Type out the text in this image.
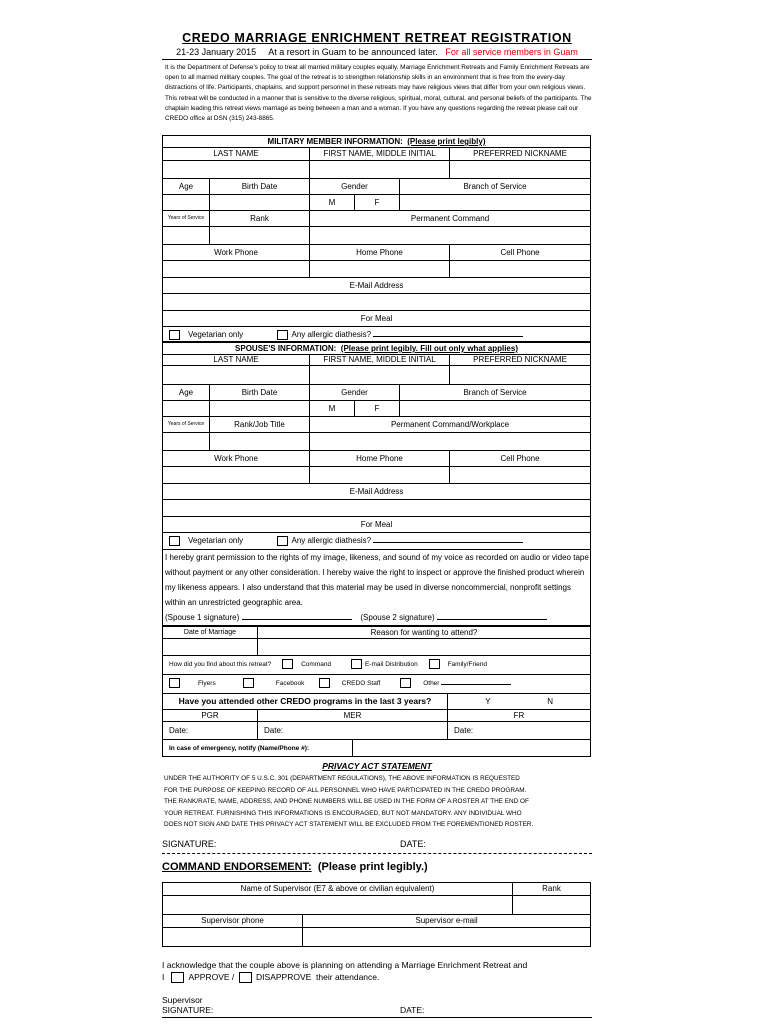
CREDO MARRIAGE ENRICHMENT RETREAT REGISTRATION
21-23 January 2015 At a resort in Guam to be announced later. For all service members in Guam
It is the Department of Defense's policy to treat all married military couples equally. Marriage Enrichment Retreats and Family Enrichment Retreats are open to all married military couples. The goal of the retreat is to strengthen relationship skills in an environment that is free from the every-day distractions of life. Participants, chaplains, and support personnel in these retreats may have religious views that differ from your own religious views. This retreat will be conducted in a manner that is sensitive to the diverse religious, spiritual, moral, cultural, and personal beliefs of the participants. The chaplain leading this retreat views marriage as being between a man and a woman. If you have any questions regarding the retreat please call our CREDO office at DSN (315) 243-8865.
MILITARY MEMBER INFORMATION: (Please print legibly)					
LAST NAME		FIRST NAME, MIDDLE INITIAL			PREFERRED NICKNAME

Age	Birth Date	Gender		Branch of Service	
		M	F		
Years of Service	Rank	Permanent Command			

Work Phone		Home Phone			Cell Phone

E-Mail Address					

For Meal					
Vegetarian only Any allergic diathesis?					
SPOUSE'S INFORMATION: (Please print legibly. Fill out only what applies)					
LAST NAME		FIRST NAME, MIDDLE INITIAL			PREFERRED NICKNAME

Age	Birth Date	Gender		Branch of Service	
		M	F		
Years of Service	Rank/Job Title	Permanent Command/Workplace			

Work Phone		Home Phone			Cell Phone

E-Mail Address					

For Meal					
Vegetarian only Any allergic diathesis?					
I hereby grant permission to the rights of my image, likeness, and sound of my voice as recorded on audio or video tape without payment or any other consideration. I hereby waive the right to inspect or approve the finished product wherein my likeness appears. I also understand that this material may be used in diverse noncommercial, nonprofit settings within an unrestricted geographic area.
(Spouse 1 signature) (Spouse 2 signature)					
Date of Marriage	Reason for wanting to attend?		

How did you find about this retreat? Command E-mail Distribution Family/Friend			
Flyers Facebook CREDO Staff Other			
Have you attended other CREDO programs in the last 3 years?			Y N
PGR	MER		FR
Date:	Date:		Date:
In case of emergency, notify (Name/Phone #):			
PRIVACY ACT STATEMENT
UNDER THE AUTHORITY OF 5 U.S.C. 301 (DEPARTMENT REGULATIONS), THE ABOVE INFORMATION IS REQUESTED
FOR THE PURPOSE OF KEEPING RECORD OF ALL PERSONNEL WHO HAVE PARTICIPATED IN THE CREDO PROGRAM.
THE RANK/RATE, NAME, ADDRESS, AND PHONE NUMBERS WILL BE USED IN THE FORM OF A ROSTER AT THE END OF
YOUR RETREAT. FURNISHING THIS INFORMATIONS IS ENCOURAGED, BUT NOT MANDATORY. ANY INDIVIDUAL WHO
DOES NOT SIGN AND DATE THIS PRIVACY ACT STATEMENT WILL BE EXCLUDED FROM THE FOREMENTIONED ROSTER.
SIGNATURE:	DATE:
COMMAND ENDORSEMENT: (Please print legibly.)
Name of Supervisor (E7 & above or civilian equivalent)		Rank

Supervisor phone	Supervisor e-mail	

I acknowledge that the couple above is planning on attending a Marriage Enrichment Retreat and
I	APPROVE /	DISAPPROVE their attendance.
Supervisor
SIGNATURE:	DATE:
